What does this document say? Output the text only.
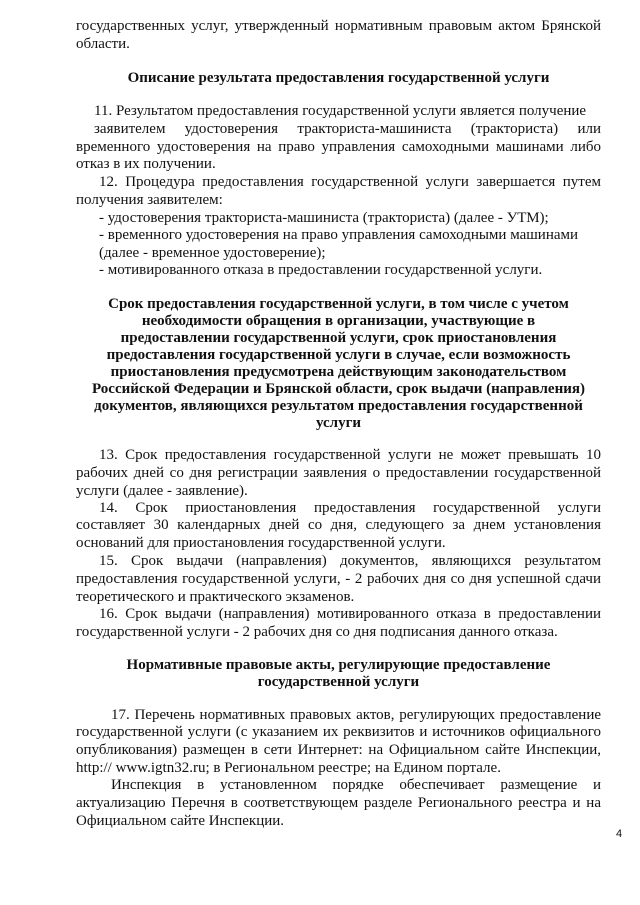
государственных услуг, утвержденный нормативным правовым актом Брянской
области.
Описание результата предоставления государственной услуги
11. Результатом предоставления государственной услуги является получение
заявителем удостоверения тракториста-машиниста (тракториста) или
временного удостоверения на право управления самоходными машинами либо
отказ в их получении.
12. Процедура предоставления государственной услуги завершается путем
получения заявителем:
- удостоверения тракториста-машиниста (тракториста) (далее - УТМ);
- временного удостоверения на право управления самоходными машинами
(далее - временное удостоверение);
- мотивированного отказа в предоставлении государственной услуги.
Срок предоставления государственной услуги, в том числе с учетом
необходимости обращения в организации, участвующие в
предоставлении государственной услуги, срок приостановления
предоставления государственной услуги в случае, если возможность
приостановления предусмотрена действующим законодательством
Российской Федерации и Брянской области, срок выдачи (направления)
документов, являющихся результатом предоставления государственной
услуги
13. Срок предоставления государственной услуги не может превышать 10
рабочих дней со дня регистрации заявления о предоставлении государственной
услуги (далее - заявление).
14. Срок приостановления предоставления государственной услуги
составляет 30 календарных дней со дня, следующего за днем установления
оснований для приостановления государственной услуги.
15. Срок выдачи (направления) документов, являющихся результатом
предоставления государственной услуги, - 2 рабочих дня со дня успешной сдачи
теоретического и практического экзаменов.
16. Срок выдачи (направления) мотивированного отказа в предоставлении
государственной услуги - 2 рабочих дня со дня подписания данного отказа.
Нормативные правовые акты, регулирующие предоставление
государственной услуги
17. Перечень нормативных правовых актов, регулирующих предоставление
государственной услуги (с указанием их реквизитов и источников официального
опубликования) размещен в сети Интернет: на Официальном сайте Инспекции,
http:// www.igtn32.ru; в Региональном реестре; на Едином портале.
Инспекция в установленном порядке обеспечивает размещение и
актуализацию Перечня в соответствующем разделе Регионального реестра и на
Официальном сайте Инспекции.
4
